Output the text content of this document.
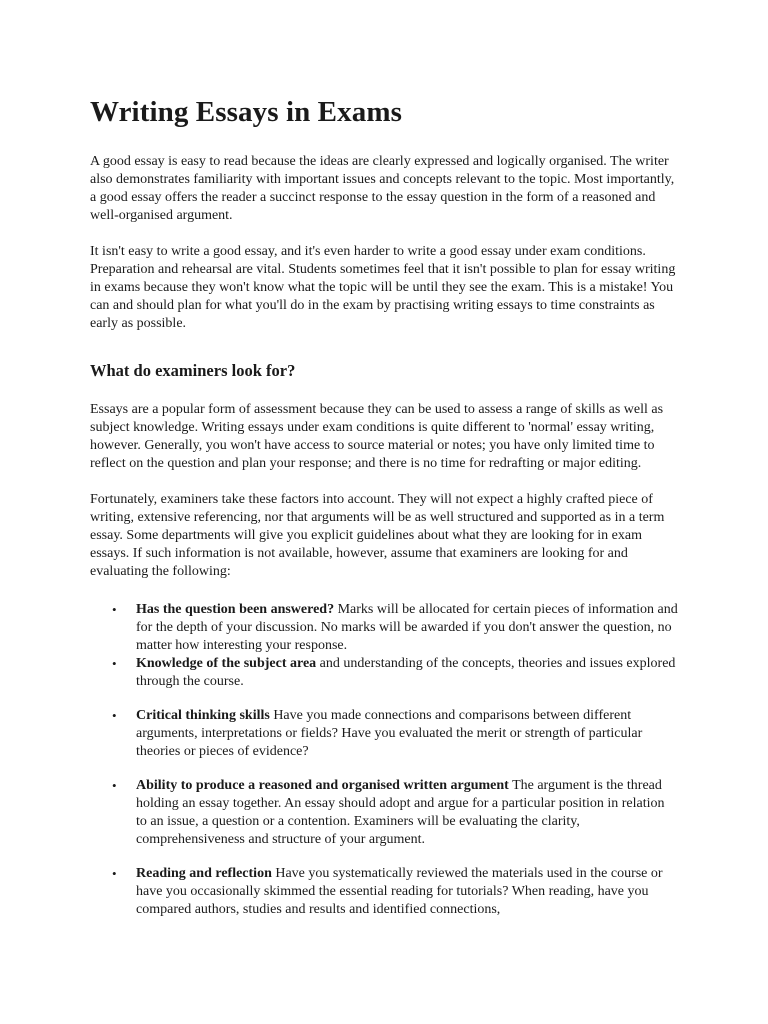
Writing Essays in Exams

A good essay is easy to read because the ideas are clearly expressed and logically organised. The writer also demonstrates familiarity with important issues and concepts relevant to the topic. Most importantly, a good essay offers the reader a succinct response to the essay question in the form of a reasoned and well-organised argument.

It isn't easy to write a good essay, and it's even harder to write a good essay under exam conditions. Preparation and rehearsal are vital. Students sometimes feel that it isn't possible to plan for essay writing in exams because they won't know what the topic will be until they see the exam. This is a mistake! You can and should plan for what you'll do in the exam by practising writing essays to time constraints as early as possible.

What do examiners look for?

Essays are a popular form of assessment because they can be used to assess a range of skills as well as subject knowledge. Writing essays under exam conditions is quite different to 'normal' essay writing, however. Generally, you won't have access to source material or notes; you have only limited time to reflect on the question and plan your response; and there is no time for redrafting or major editing.

Fortunately, examiners take these factors into account. They will not expect a highly crafted piece of writing, extensive referencing, nor that arguments will be as well structured and supported as in a term essay. Some departments will give you explicit guidelines about what they are looking for in exam essays. If such information is not available, however, assume that examiners are looking for and evaluating the following:

• Has the question been answered? Marks will be allocated for certain pieces of information and for the depth of your discussion. No marks will be awarded if you don't answer the question, no matter how interesting your response.
• Knowledge of the subject area and understanding of the concepts, theories and issues explored through the course.
• Critical thinking skills Have you made connections and comparisons between different arguments, interpretations or fields? Have you evaluated the merit or strength of particular theories or pieces of evidence?
• Ability to produce a reasoned and organised written argument The argument is the thread holding an essay together. An essay should adopt and argue for a particular position in relation to an issue, a question or a contention. Examiners will be evaluating the clarity, comprehensiveness and structure of your argument.
• Reading and reflection Have you systematically reviewed the materials used in the course or have you occasionally skimmed the essential reading for tutorials? When reading, have you compared authors, studies and results and identified connections,
